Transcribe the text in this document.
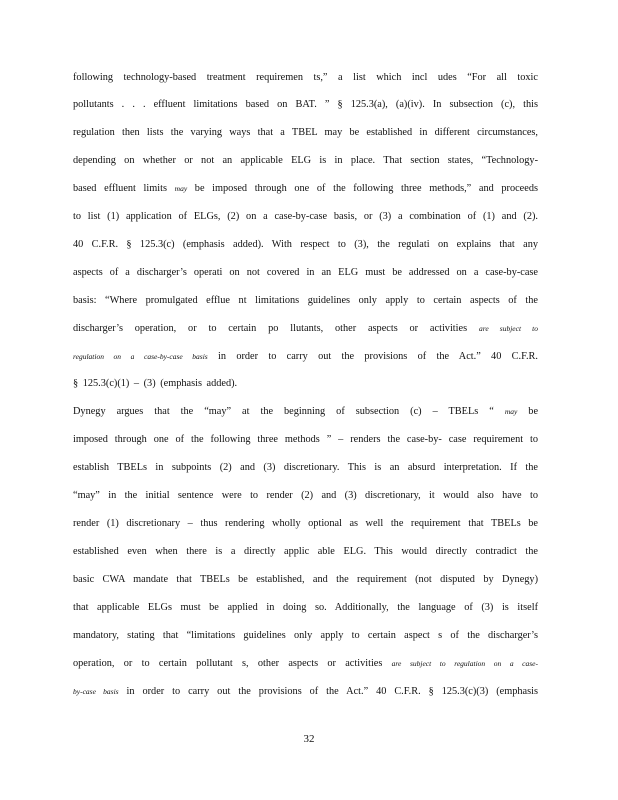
following technology-based treatment requiremen ts,” a list which incl udes “For all toxic
pollutants . . . effluent limitations based on BAT. ” § 125.3(a), (a)(iv). In subsection (c), this
regulation then lists the varying ways that a TBEL may be established in different circumstances,
depending on whether or not an applicable ELG is in place. That section states, “Technology-
based effluent limits may be imposed through one of the following three methods,” and proceeds
to list (1) application of ELGs, (2) on a case-by-case basis, or (3) a combination of (1) and (2).
40 C.F.R. § 125.3(c) (emphasis added). With respect to (3), the regulati on explains that any
aspects of a discharger’s operati on not covered in an ELG must be addressed on a case-by-case
basis: “Where promulgated efflue nt limitations guidelines only apply to certain aspects of the
discharger’s operation, or to certain po llutants, other aspects or activities are subject to
regulation on a case-by-case basis in order to carry out the provisions of the Act.” 40 C.F.R.
§ 125.3(c)(1) – (3) (emphasis added).
Dynegy argues that the “may” at the beginning of subsection (c) – TBELs “ may be
imposed through one of the following three methods ” – renders the case-by- case requirement to
establish TBELs in subpoints (2) and (3) discretionary. This is an absurd interpretation. If the
“may” in the initial sentence were to render (2) and (3) discretionary, it would also have to
render (1) discretionary – thus rendering wholly optional as well the requirement that TBELs be
established even when there is a directly applic able ELG. This would directly contradict the
basic CWA mandate that TBELs be established, and the requirement (not disputed by Dynegy)
that applicable ELGs must be applied in doing so. Additionally, the language of (3) is itself
mandatory, stating that “limitations guidelines only apply to certain aspect s of the discharger’s
operation, or to certain pollutant s, other aspects or activities are subject to regulation on a case-
by-case basis in order to carry out the provisions of the Act.” 40 C.F.R. § 125.3(c)(3) (emphasis
32
